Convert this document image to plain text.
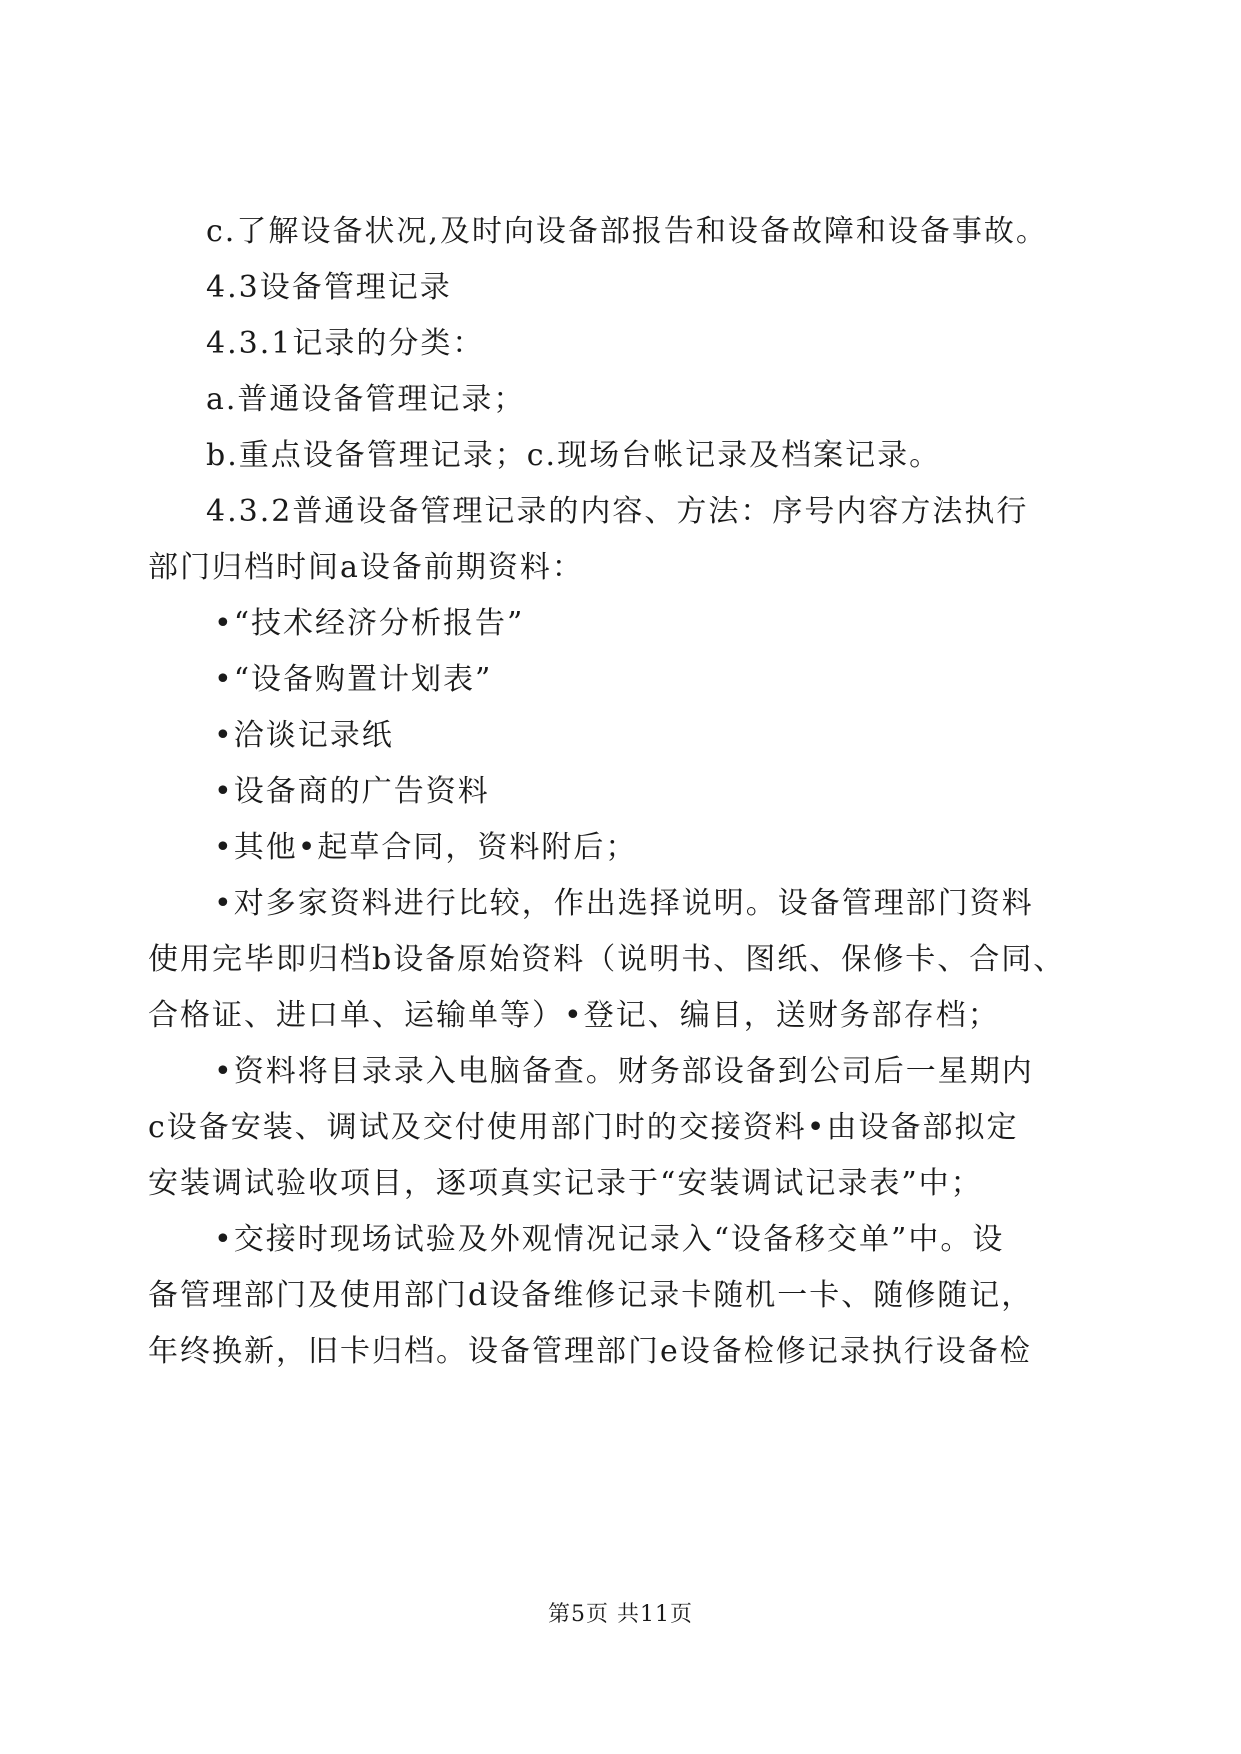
c.了解设备状况,及时向设备部报告和设备故障和设备事故。
4.3设备管理记录
4.3.1记录的分类：
a.普通设备管理记录；
b.重点设备管理记录；c.现场台帐记录及档案记录。
4.3.2普通设备管理记录的内容、方法：序号内容方法执行
部门归档时间a设备前期资料：
•“技术经济分析报告”
•“设备购置计划表”
•洽谈记录纸
•设备商的广告资料
•其他•起草合同，资料附后；
•对多家资料进行比较，作出选择说明。设备管理部门资料
使用完毕即归档b设备原始资料（说明书、图纸、保修卡、合同、
合格证、进口单、运输单等）•登记、编目，送财务部存档；
•资料将目录录入电脑备查。财务部设备到公司后一星期内
c设备安装、调试及交付使用部门时的交接资料•由设备部拟定
安装调试验收项目，逐项真实记录于“安装调试记录表”中；
•交接时现场试验及外观情况记录入“设备移交单”中。设
备管理部门及使用部门d设备维修记录卡随机一卡、随修随记，
年终换新，旧卡归档。设备管理部门e设备检修记录执行设备检
第5页 共11页
